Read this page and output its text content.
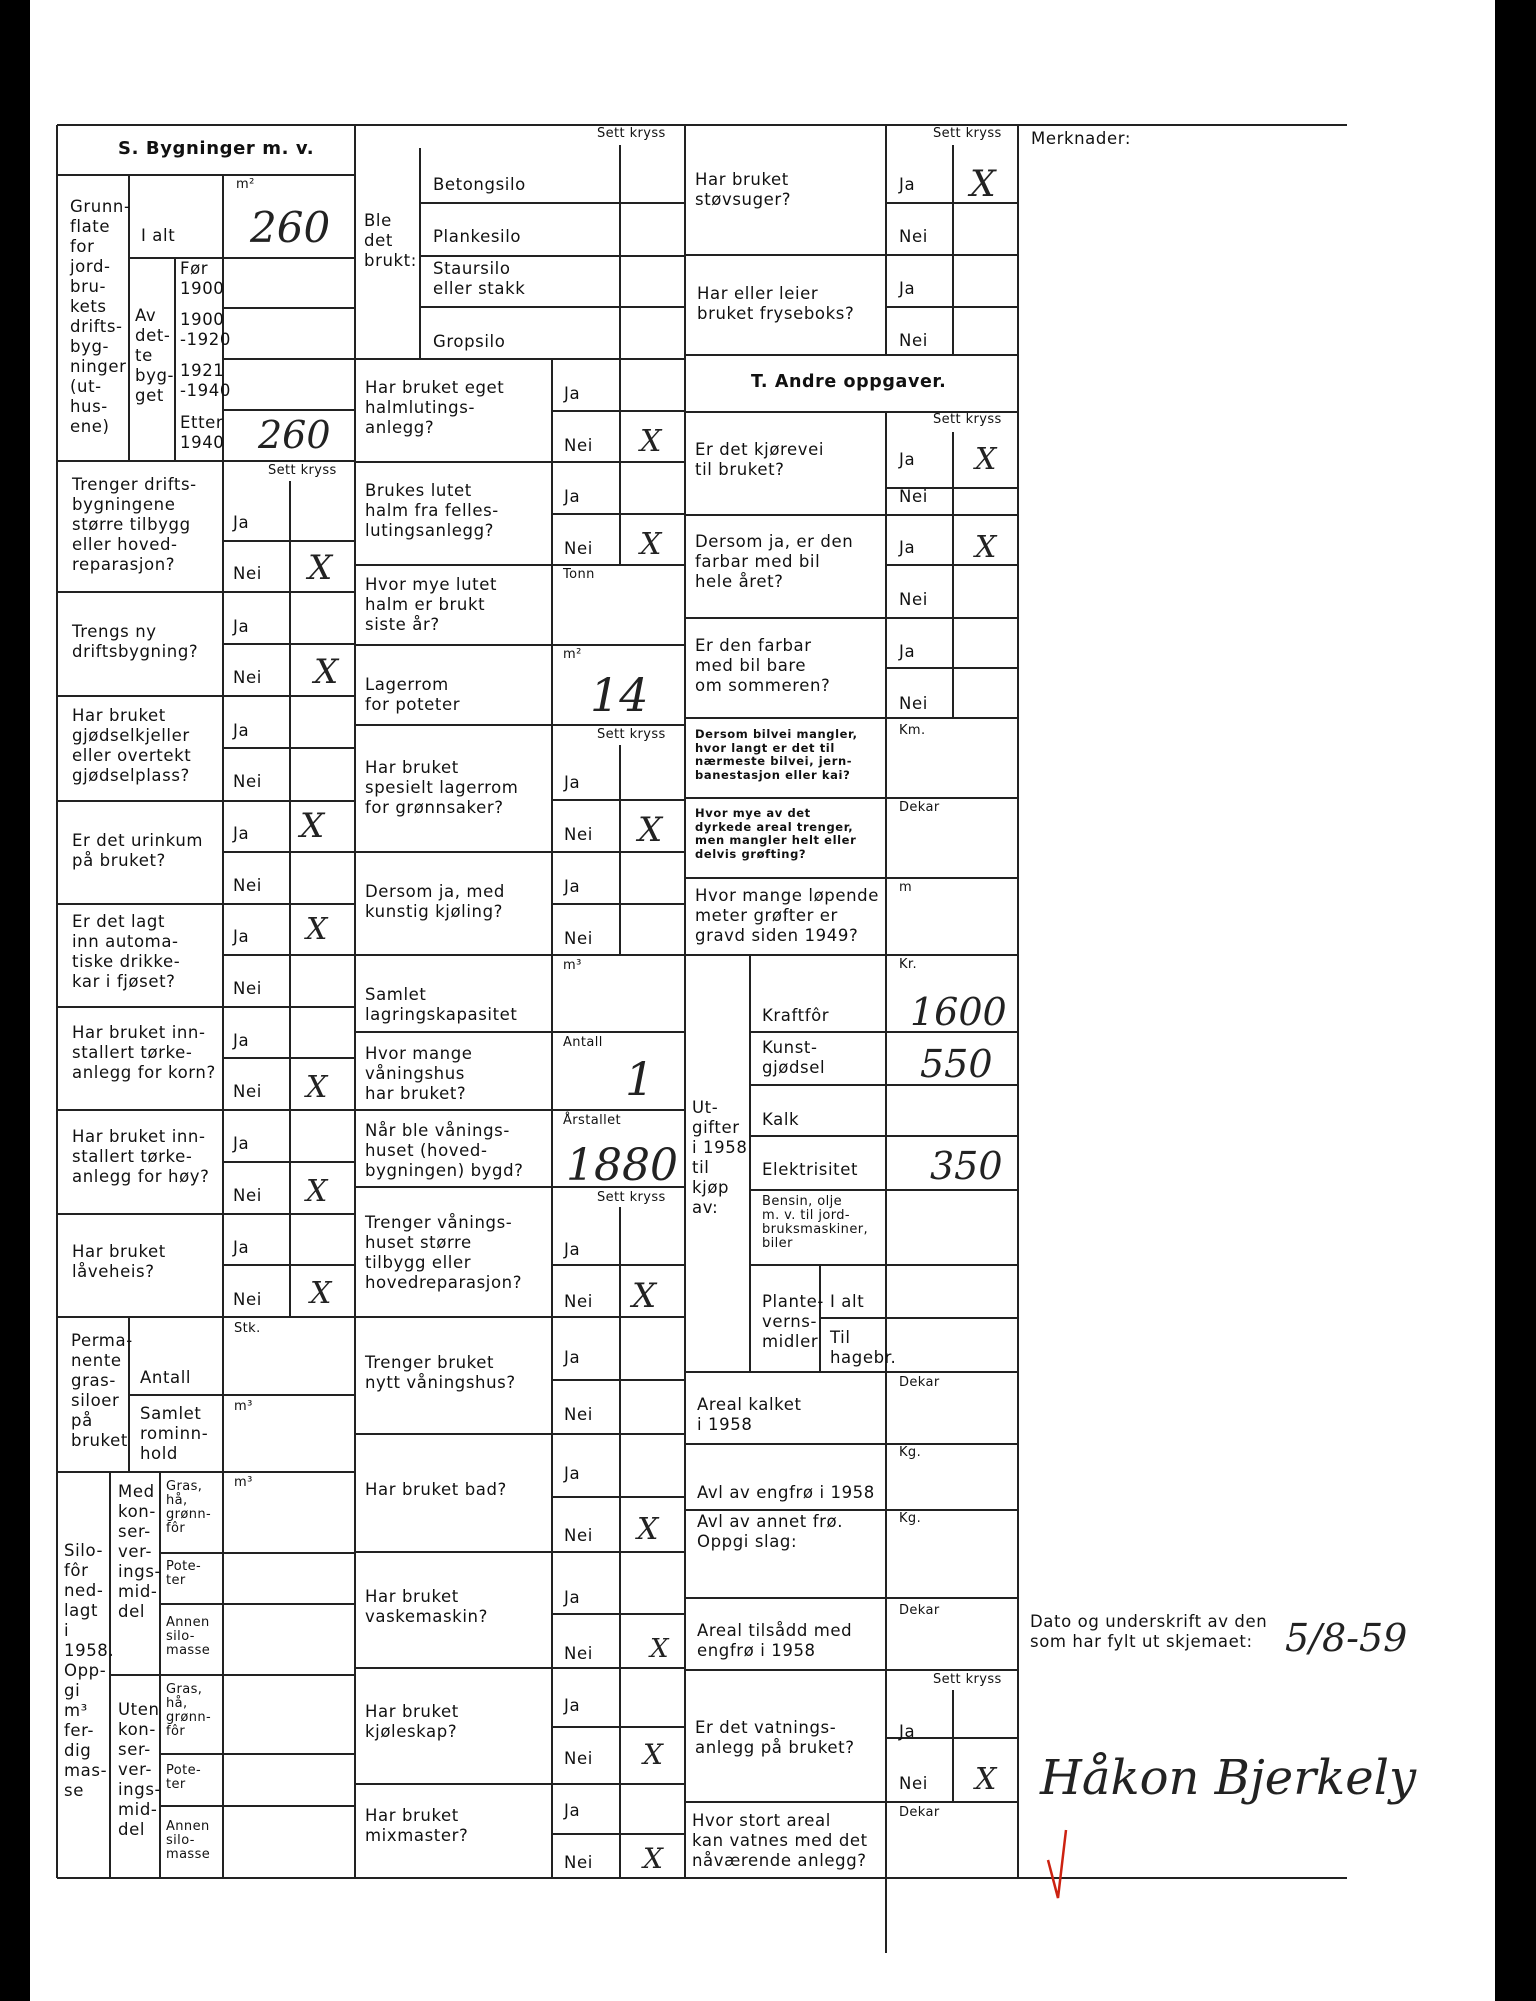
S. Bygninger m. v.
Grunn-
flate
for
jord-
bru-
kets
drifts-
byg-
ninger
(ut-
hus-
ene)
m²
I alt 260
Av
det-
te
byg-
get
Før
1900
1900
-1920
1921
-1940
Etter
1940 260
Sett kryss
Trenger drifts-
bygningene
større tilbygg
eller hoved-
reparasjon?
Ja
Nei X
Trengs ny
driftsbygning?
Ja
Nei X
Har bruket
gjødselkjeller
eller overtekt
gjødselplass?
Ja
Nei
Er det urinkum
på bruket?
Ja
Nei
X
Er det lagt
inn automa-
tiske drikke-
kar i fjøset?
Ja
Nei
X
Har bruket inn-
stallert tørke-
anlegg for korn?
Ja
Nei X
Har bruket inn-
stallert tørke-
anlegg for høy?
Ja
Nei X
Har bruket
låveheis?
Ja
Nei X
Perma-
nente
gras-
siloer
på
bruket
Antall
Stk.
Samlet
rominn-
hold
m³
Silo-
fôr
ned-
lagt
i
1958.
Opp-
gi
m³
fer-
dig
mas-
se
Med
kon-
ser-
ver-
ings-
mid-
del
Uten
kon-
ser-
ver-
ings-
mid-
del
Gras,
hå,
grønn-
fôr
Pote-
ter
Annen
silo-
masse
Gras,
hå,
grønn-
fôr
Pote-
ter
Annen
silo-
masse
m³
Sett kryss
Ble
det
brukt:
Betongsilo
Plankesilo
Staursilo
eller stakk
Gropsilo
Har bruket eget
halmlutings-
anlegg?
Ja
Nei X
Brukes lutet
halm fra felles-
lutingsanlegg?
Ja
Nei X
Hvor mye lutet
halm er brukt
siste år?
Tonn
Lagerrom
for poteter
m²
14
Sett kryss
Har bruket
spesielt lagerrom
for grønnsaker?
Ja
Nei X
Dersom ja, med
kunstig kjøling?
Ja
Nei
Samlet
lagringskapasitet
m³
Hvor mange
våningshus
har bruket?
Antall
1
Når ble vånings-
huset (hoved-
bygningen) bygd?
Årstallet
1880
Sett kryss
Trenger vånings-
huset større
tilbygg eller
hovedreparasjon?
Ja
Nei X
Trenger bruket
nytt våningshus?
Ja
Nei
Har bruket bad?
Ja
Nei X
Har bruket
vaskemaskin?
Ja
Nei X
Har bruket
kjøleskap?
Ja
Nei X
Har bruket
mixmaster?
Ja
Nei X
Sett kryss
Har bruket
støvsuger?
Ja
Nei
X
Har eller leier
bruket fryseboks?
Ja
Nei
T. Andre oppgaver.
Sett kryss
Er det kjørevei
til bruket?
Ja
Nei
X
Dersom ja, er den
farbar med bil
hele året?
Ja
Nei
X
Er den farbar
med bil bare
om sommeren?
Ja
Nei
Dersom bilvei mangler,
hvor langt er det til
nærmeste bilvei, jern-
banestasjon eller kai?
Km.
Hvor mye av det
dyrkede areal trenger,
men mangler helt eller
delvis grøfting?
Dekar
Hvor mange løpende
meter grøfter er
gravd siden 1949?
m
Ut-
gifter
i 1958
til
kjøp
av:
Kr.
Kraftfôr 1600
Kunst-
gjødsel 550
Kalk
Elektrisitet 350
Bensin, olje
m. v. til jord-
bruksmaskiner,
biler
Plante-
verns-
midler
I alt
Til
hagebr.
Areal kalket
i 1958
Dekar
Avl av engfrø i 1958
Kg.
Avl av annet frø.
Oppgi slag:
Kg.
Areal tilsådd med
engfrø i 1958
Dekar
Sett kryss
Er det vatnings-
anlegg på bruket?
Ja
Nei X
Hvor stort areal
kan vatnes med det
nåværende anlegg?
Dekar
Merknader:
Dato og underskrift av den
som har fylt ut skjemaet: 5/8-59
Håkon Bjerkely
